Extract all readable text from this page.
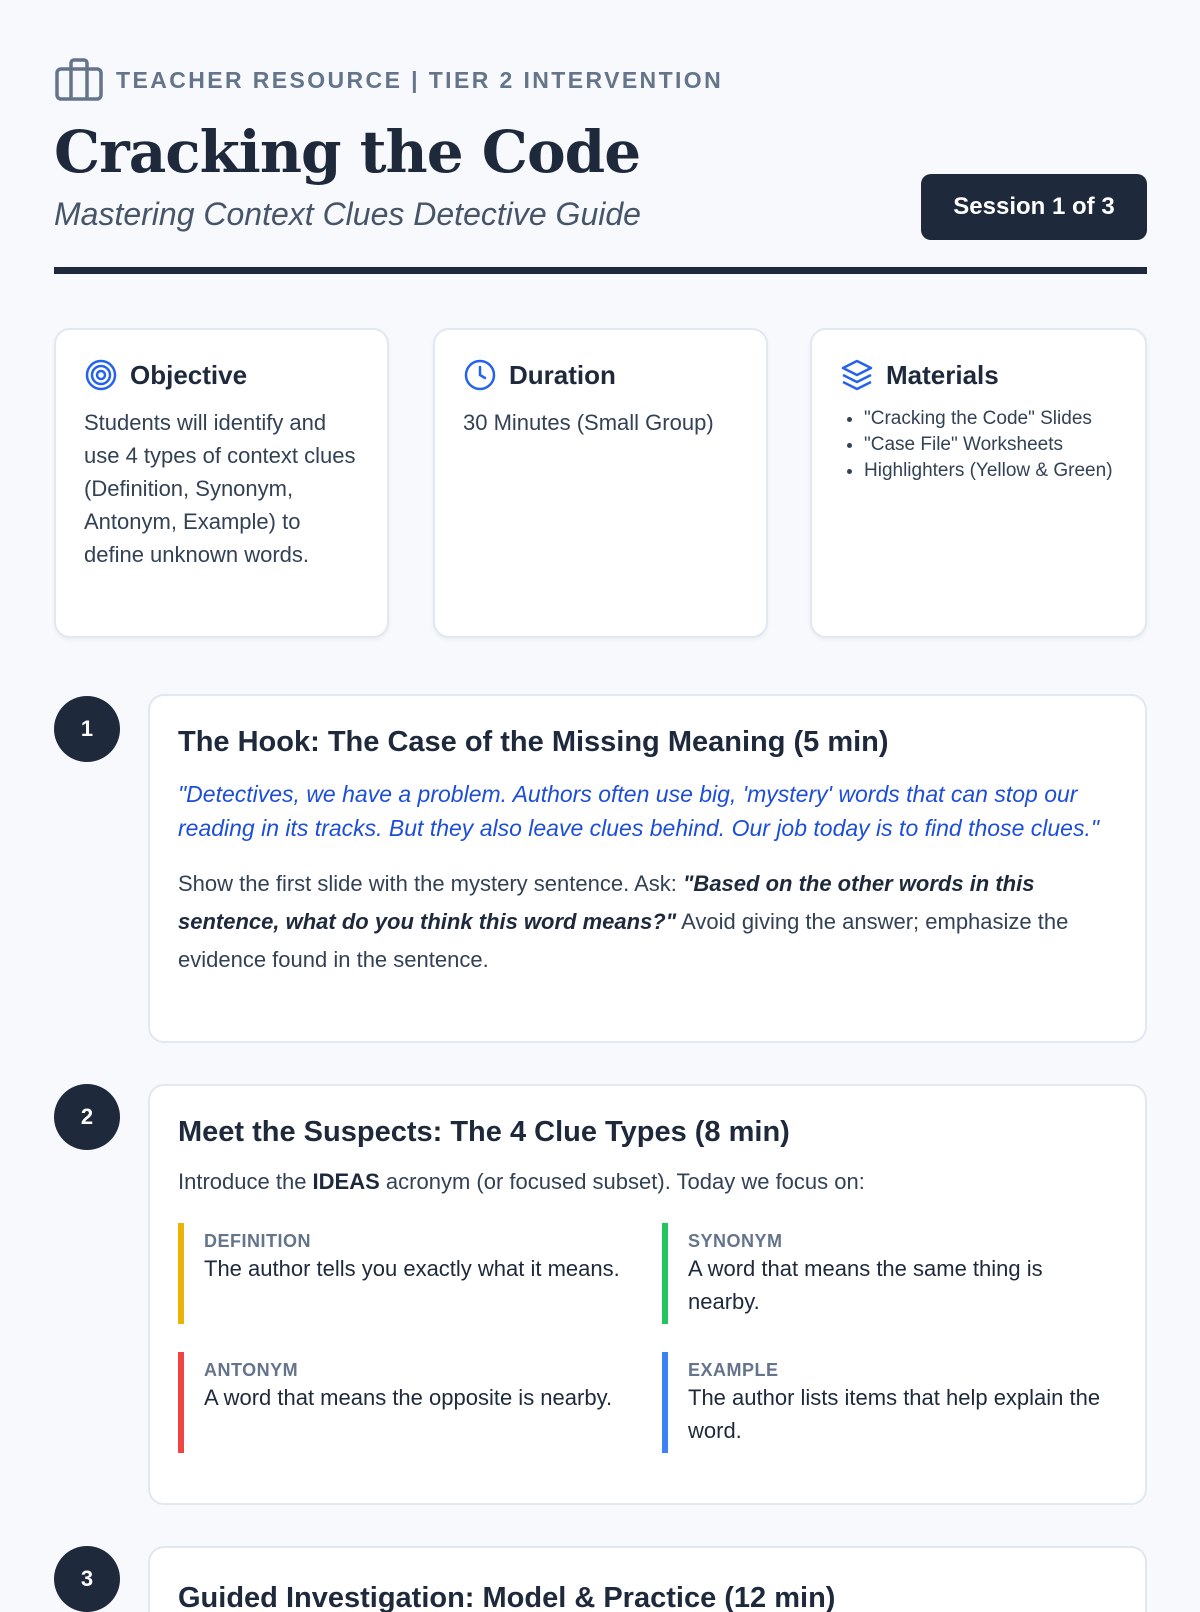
TEACHER RESOURCE | TIER 2 INTERVENTION
Cracking the Code
Mastering Context Clues Detective Guide	Session 1 of 3
Objective
Students will identify and use 4 types of context clues (Definition, Synonym, Antonym, Example) to define unknown words.
Duration
30 Minutes (Small Group)
Materials
• "Cracking the Code" Slides
• "Case File" Worksheets
• Highlighters (Yellow & Green)
1	The Hook: The Case of the Missing Meaning (5 min)

"Detectives, we have a problem. Authors often use big, 'mystery' words that can stop our reading in its tracks. But they also leave clues behind. Our job today is to find those clues."

Show the first slide with the mystery sentence. Ask: "Based on the other words in this sentence, what do you think this word means?" Avoid giving the answer; emphasize the evidence found in the sentence.

2	Meet the Suspects: The 4 Clue Types (8 min)

Introduce the IDEAS acronym (or focused subset). Today we focus on:

DEFINITION
The author tells you exactly what it means.
SYNONYM
A word that means the same thing is nearby.
ANTONYM
A word that means the opposite is nearby.
EXAMPLE
The author lists items that help explain the word.
3
Guided Investigation: Model & Practice (12 min)
